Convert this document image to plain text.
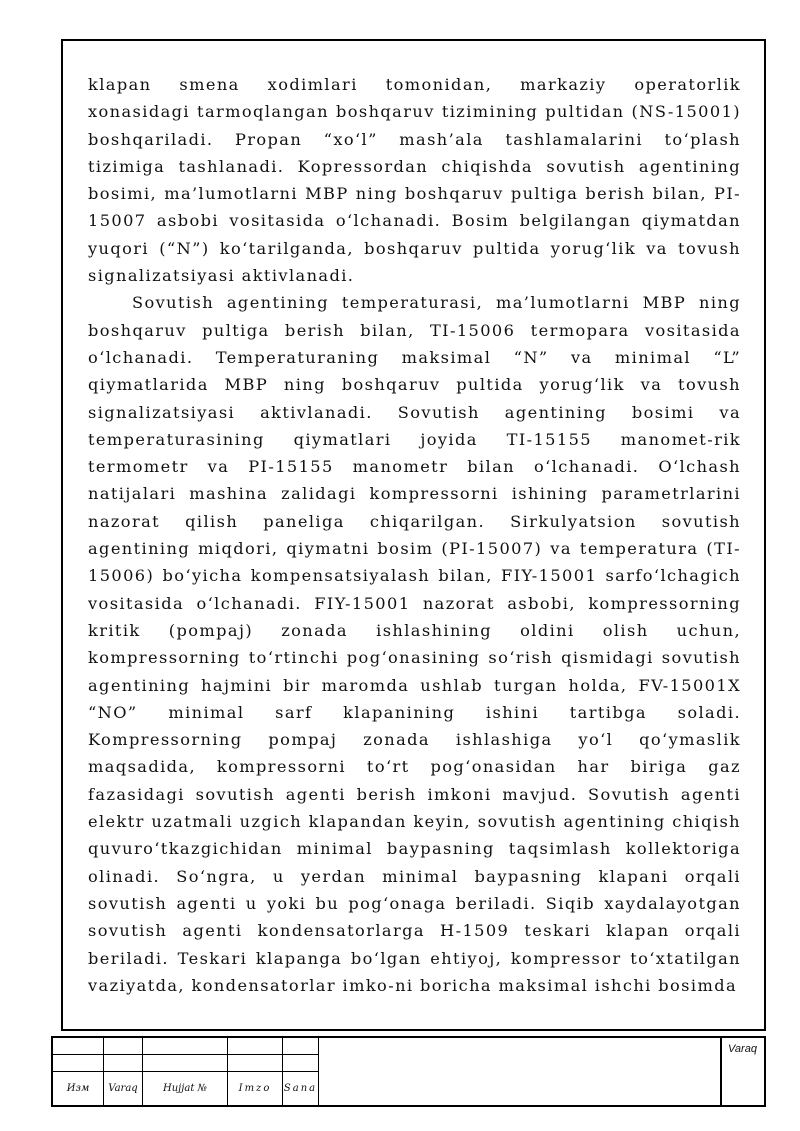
klapan smena xodimlari tomonidan, markaziy operatorlik xonasidagi tarmoqlangan boshqaruv tizimining pultidan (NS-15001) boshqariladi. Propan “xo‘l” mash’ala tashlamalarini to‘plash tizimiga tashlanadi. Kopressordan chiqishda sovutish agentining bosimi, ma’lumotlarni MBP ning boshqaruv pultiga berish bilan, PI-15007 asbobi vositasida o‘lchanadi. Bosim belgilangan qiymatdan yuqori (“N”) ko‘tarilganda, boshqaruv pultida yorug‘lik va tovush signalizatsiyasi aktivlanadi.

Sovutish agentining temperaturasi, ma’lumotlarni MBP ning boshqaruv pultiga berish bilan, TI-15006 termopara vositasida o‘lchanadi. Temperaturaning maksimal “N” va minimal “L” qiymatlarida MBP ning boshqaruv pultida yorug‘lik va tovush signalizatsiyasi aktivlanadi. Sovutish agentining bosimi va temperaturasining qiymatlari joyida TI-15155 manomet-rik termometr va PI-15155 manometr bilan o‘lchanadi. O‘lchash natijalari mashina zalidagi kompressorni ishining parametrlarini nazorat qilish paneliga chiqarilgan. Sirkulyatsion sovutish agentining miqdori, qiymatni bosim (PI-15007) va temperatura (TI-15006) bo‘yicha kompensatsiyalash bilan, FIY-15001 sarfo‘lchagich vositasida o‘lchanadi. FIY-15001 nazorat asbobi, kompressorning kritik (pompaj) zonada ishlashining oldini olish uchun, kompressorning to‘rtinchi pog‘onasining so‘rish qismidagi sovutish agentining hajmini bir maromda ushlab turgan holda, FV-15001X “NO” minimal sarf klapanining ishini tartibga soladi. Kompressorning pompaj zonada ishlashiga yo‘l qo‘ymaslik maqsadida, kompressorni to‘rt pog‘onasidan har biriga gaz fazasidagi sovutish agenti berish imkoni mavjud. Sovutish agenti elektr uzatmali uzgich klapandan keyin, sovutish agentining chiqish quvuro‘tkazgichidan minimal baypasning taqsimlash kollektoriga olinadi. So‘ngra, u yerdan minimal baypasning klapani orqali sovutish agenti u yoki bu pog‘onaga beriladi. Siqib xaydalayotgan sovutish agenti kondensatorlarga H-1509 teskari klapan orqali beriladi. Teskari klapanga bo‘lgan ehtiyoj, kompressor to‘xtatilgan vaziyatda, kondensatorlar imko-ni boricha maksimal ishchi bosimda

Изм	Varaq	Hujjat №	Imzo	Sana
Varaq
